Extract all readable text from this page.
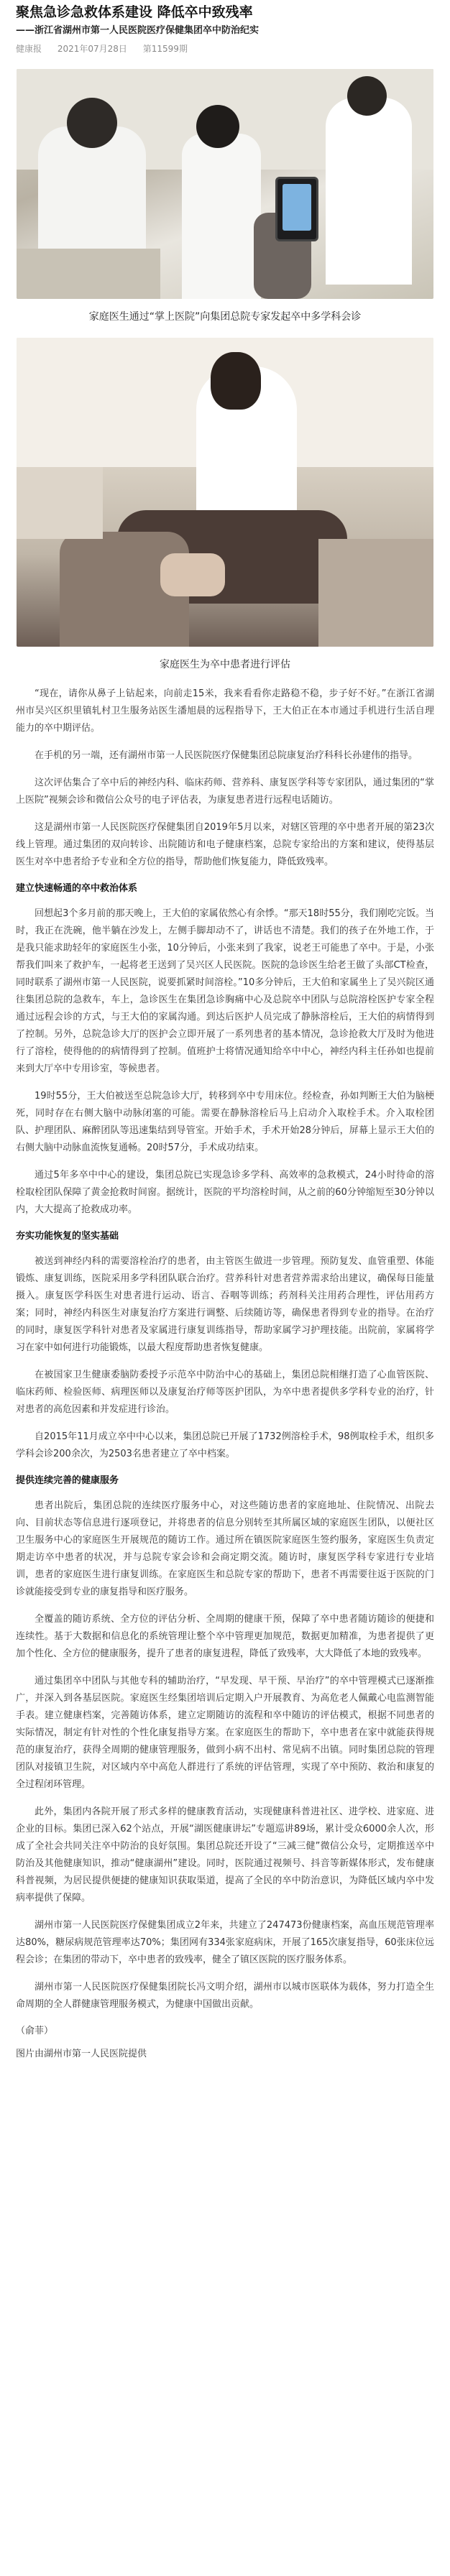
聚焦急诊急救体系建设 降低卒中致残率
——浙江省湖州市第一人民医院医疗保健集团卒中防治纪实
健康报 2021年07月28日 第11599期
家庭医生通过“掌上医院”向集团总院专家发起卒中多学科会诊
家庭医生为卒中患者进行评估

“现在，请你从鼻子上钻起来，向前走15米，我来看看你走路稳不稳，步子好不好。”在浙江省湖州市吴兴区织里镇轧村卫生服务站医生潘旭晨的远程指导下，王大伯正在本市通过手机进行生活自理能力的卒中期评估。

在手机的另一端，还有湖州市第一人民医院医疗保健集团总院康复治疗科科长孙建伟的指导。

这次评估集合了卒中后的神经内科、临床药师、营养科、康复医学科等专家团队，通过集团的“掌上医院”视频会诊和微信公众号的电子评估表，为康复患者进行远程电话随访。

这是湖州市第一人民医院医疗保健集团自2019年5月以来，对辖区管理的卒中患者开展的第23次线上管理。通过集团的双向转诊、出院随访和电子健康档案，总院专家给出的方案和建议，使得基层医生对卒中患者给予专业和全方位的指导，帮助他们恢复能力，降低致残率。

建立快速畅通的卒中救治体系

回想起3个多月前的那天晚上，王大伯的家属依然心有余悸。“那天18时55分，我们刚吃完饭。当时，我正在洗碗，他半躺在沙发上，左侧手脚却动不了，讲话也不清楚。我们的孩子在外地工作，于是我只能求助轻年的家庭医生小张，10分钟后，小张来到了我家，说老王可能患了卒中。于是，小张帮我们叫来了救护车，一起将老王送到了吴兴区人民医院。医院的急诊医生给老王做了头部CT检查，同时联系了湖州市第一人民医院，说要抓紧时间溶栓。”10多分钟后，王大伯和家属坐上了吴兴院区通往集团总院的急救车，车上，急诊医生在集团急诊胸痛中心及总院卒中团队与总院溶栓医护专家全程通过远程会诊的方式，与王大伯的家属沟通。到达后医护人员完成了静脉溶栓后，王大伯的病情得到了控制。另外，总院急诊大厅的医护会立即开展了一系列患者的基本情况，急诊抢救大厅及时为他进行了溶栓，使得他的的病情得到了控制。值班护士将情况通知给卒中中心，神经内科主任孙如也提前来到大厅卒中专用诊室，等候患者。

19时55分，王大伯被送至总院急诊大厅，转移到卒中专用床位。经检查，孙如判断王大伯为脑梗死，同时存在右侧大脑中动脉闭塞的可能。需要在静脉溶栓后马上启动介入取栓手术。介入取栓团队、护理团队、麻醉团队等迅速集结到导管室。开始手术，手术开始28分钟后，屏幕上显示王大伯的右侧大脑中动脉血流恢复通畅。20时57分，手术成功结束。

通过5年多卒中中心的建设，集团总院已实现急诊多学科、高效率的急救模式，24小时待命的溶栓取栓团队保障了黄金抢救时间窗。据统计，医院的平均溶栓时间，从之前的60分钟缩短至30分钟以内，大大提高了抢救成功率。

夯实功能恢复的坚实基础

被送到神经内科的需要溶栓治疗的患者，由主管医生做进一步管理。预防复发、血管重塑、体能锻炼、康复训练，医院采用多学科团队联合治疗。营养科针对患者营养需求给出建议，确保每日能量摄入。康复医学科医生对患者进行运动、语言、吞咽等训练；药剂科关注用药合理性，评估用药方案；同时，神经内科医生对康复治疗方案进行调整、后续随访等，确保患者得到专业的指导。在治疗的同时，康复医学科针对患者及家属进行康复训练指导，帮助家属学习护理技能。出院前，家属将学习在家中如何进行功能锻炼，以最大程度帮助患者恢复健康。

在被国家卫生健康委脑防委授予示范卒中防治中心的基础上，集团总院相继打造了心血管医院、临床药师、检验医师、病理医师以及康复治疗师等医护团队，为卒中患者提供多学科专业的治疗，针对患者的高危因素和并发症进行诊治。

自2015年11月成立卒中中心以来，集团总院已开展了1732例溶栓手术，98例取栓手术，组织多学科会诊200余次，为2503名患者建立了卒中档案。

提供连续完善的健康服务

患者出院后，集团总院的连续医疗服务中心，对这些随访患者的家庭地址、住院情况、出院去向、目前状态等信息进行逐项登记，并将患者的信息分别转至其所属区域的家庭医生团队，以便社区卫生服务中心的家庭医生开展规范的随访工作。通过所在镇医院家庭医生签约服务，家庭医生负责定期走访卒中患者的状况，并与总院专家会诊和会商定期交流。随访时，康复医学科专家进行专业培训，患者的家庭医生进行康复训练。在家庭医生和总院专家的帮助下，患者不再需要往返于医院的门诊就能接受到专业的康复指导和医疗服务。

全覆盖的随访系统、全方位的评估分析、全周期的健康干预，保障了卒中患者随访随诊的便捷和连续性。基于大数据和信息化的系统管理让整个卒中管理更加规范，数据更加精准，为患者提供了更加个性化、全方位的健康服务，提升了患者的康复进程，降低了致残率，大大降低了本地的致残率。

通过集团卒中团队与其他专科的辅助治疗，“早发现、早干预、早治疗”的卒中管理模式已逐渐推广，并深入到各基层医院。家庭医生经集团培训后定期入户开展教育、为高危老人佩戴心电监测智能手表。建立健康档案，完善随访体系，建立定期随访的流程和卒中随访的评估模式，根据不同患者的实际情况，制定有针对性的个性化康复指导方案。在家庭医生的帮助下，卒中患者在家中就能获得规范的康复治疗，获得全周期的健康管理服务，做到小病不出村、常见病不出镇。同时集团总院的管理团队对接镇卫生院，对区域内卒中高危人群进行了系统的评估管理，实现了卒中预防、救治和康复的全过程闭环管理。

此外，集团内各院开展了形式多样的健康教育活动，实现健康科普进社区、进学校、进家庭、进企业的目标。集团已深入62个站点，开展“湖医健康讲坛”专题巡讲89场，累计受众6000余人次，形成了全社会共同关注卒中防治的良好氛围。集团总院还开设了“三减三健”微信公众号，定期推送卒中防治及其他健康知识，推动“健康湖州”建设。同时，医院通过视频号、抖音等新媒体形式，发布健康科普视频，为居民提供便捷的健康知识获取渠道，提高了全民的卒中防治意识，为降低区域内卒中发病率提供了保障。

湖州市第一人民医院医疗保健集团成立2年来，共建立了247473份健康档案，高血压规范管理率达80%，糖尿病规范管理率达70%；集团网有334张家庭病床，开展了165次康复指导，60张床位远程会诊；在集团的带动下，卒中患者的致残率，健全了镇区医院的医疗服务体系。

湖州市第一人民医院医疗保健集团院长冯文明介绍，湖州市以城市医联体为载体，努力打造全生命周期的全人群健康管理服务模式，为健康中国做出贡献。

（俞菲）
图片由湖州市第一人民医院提供
